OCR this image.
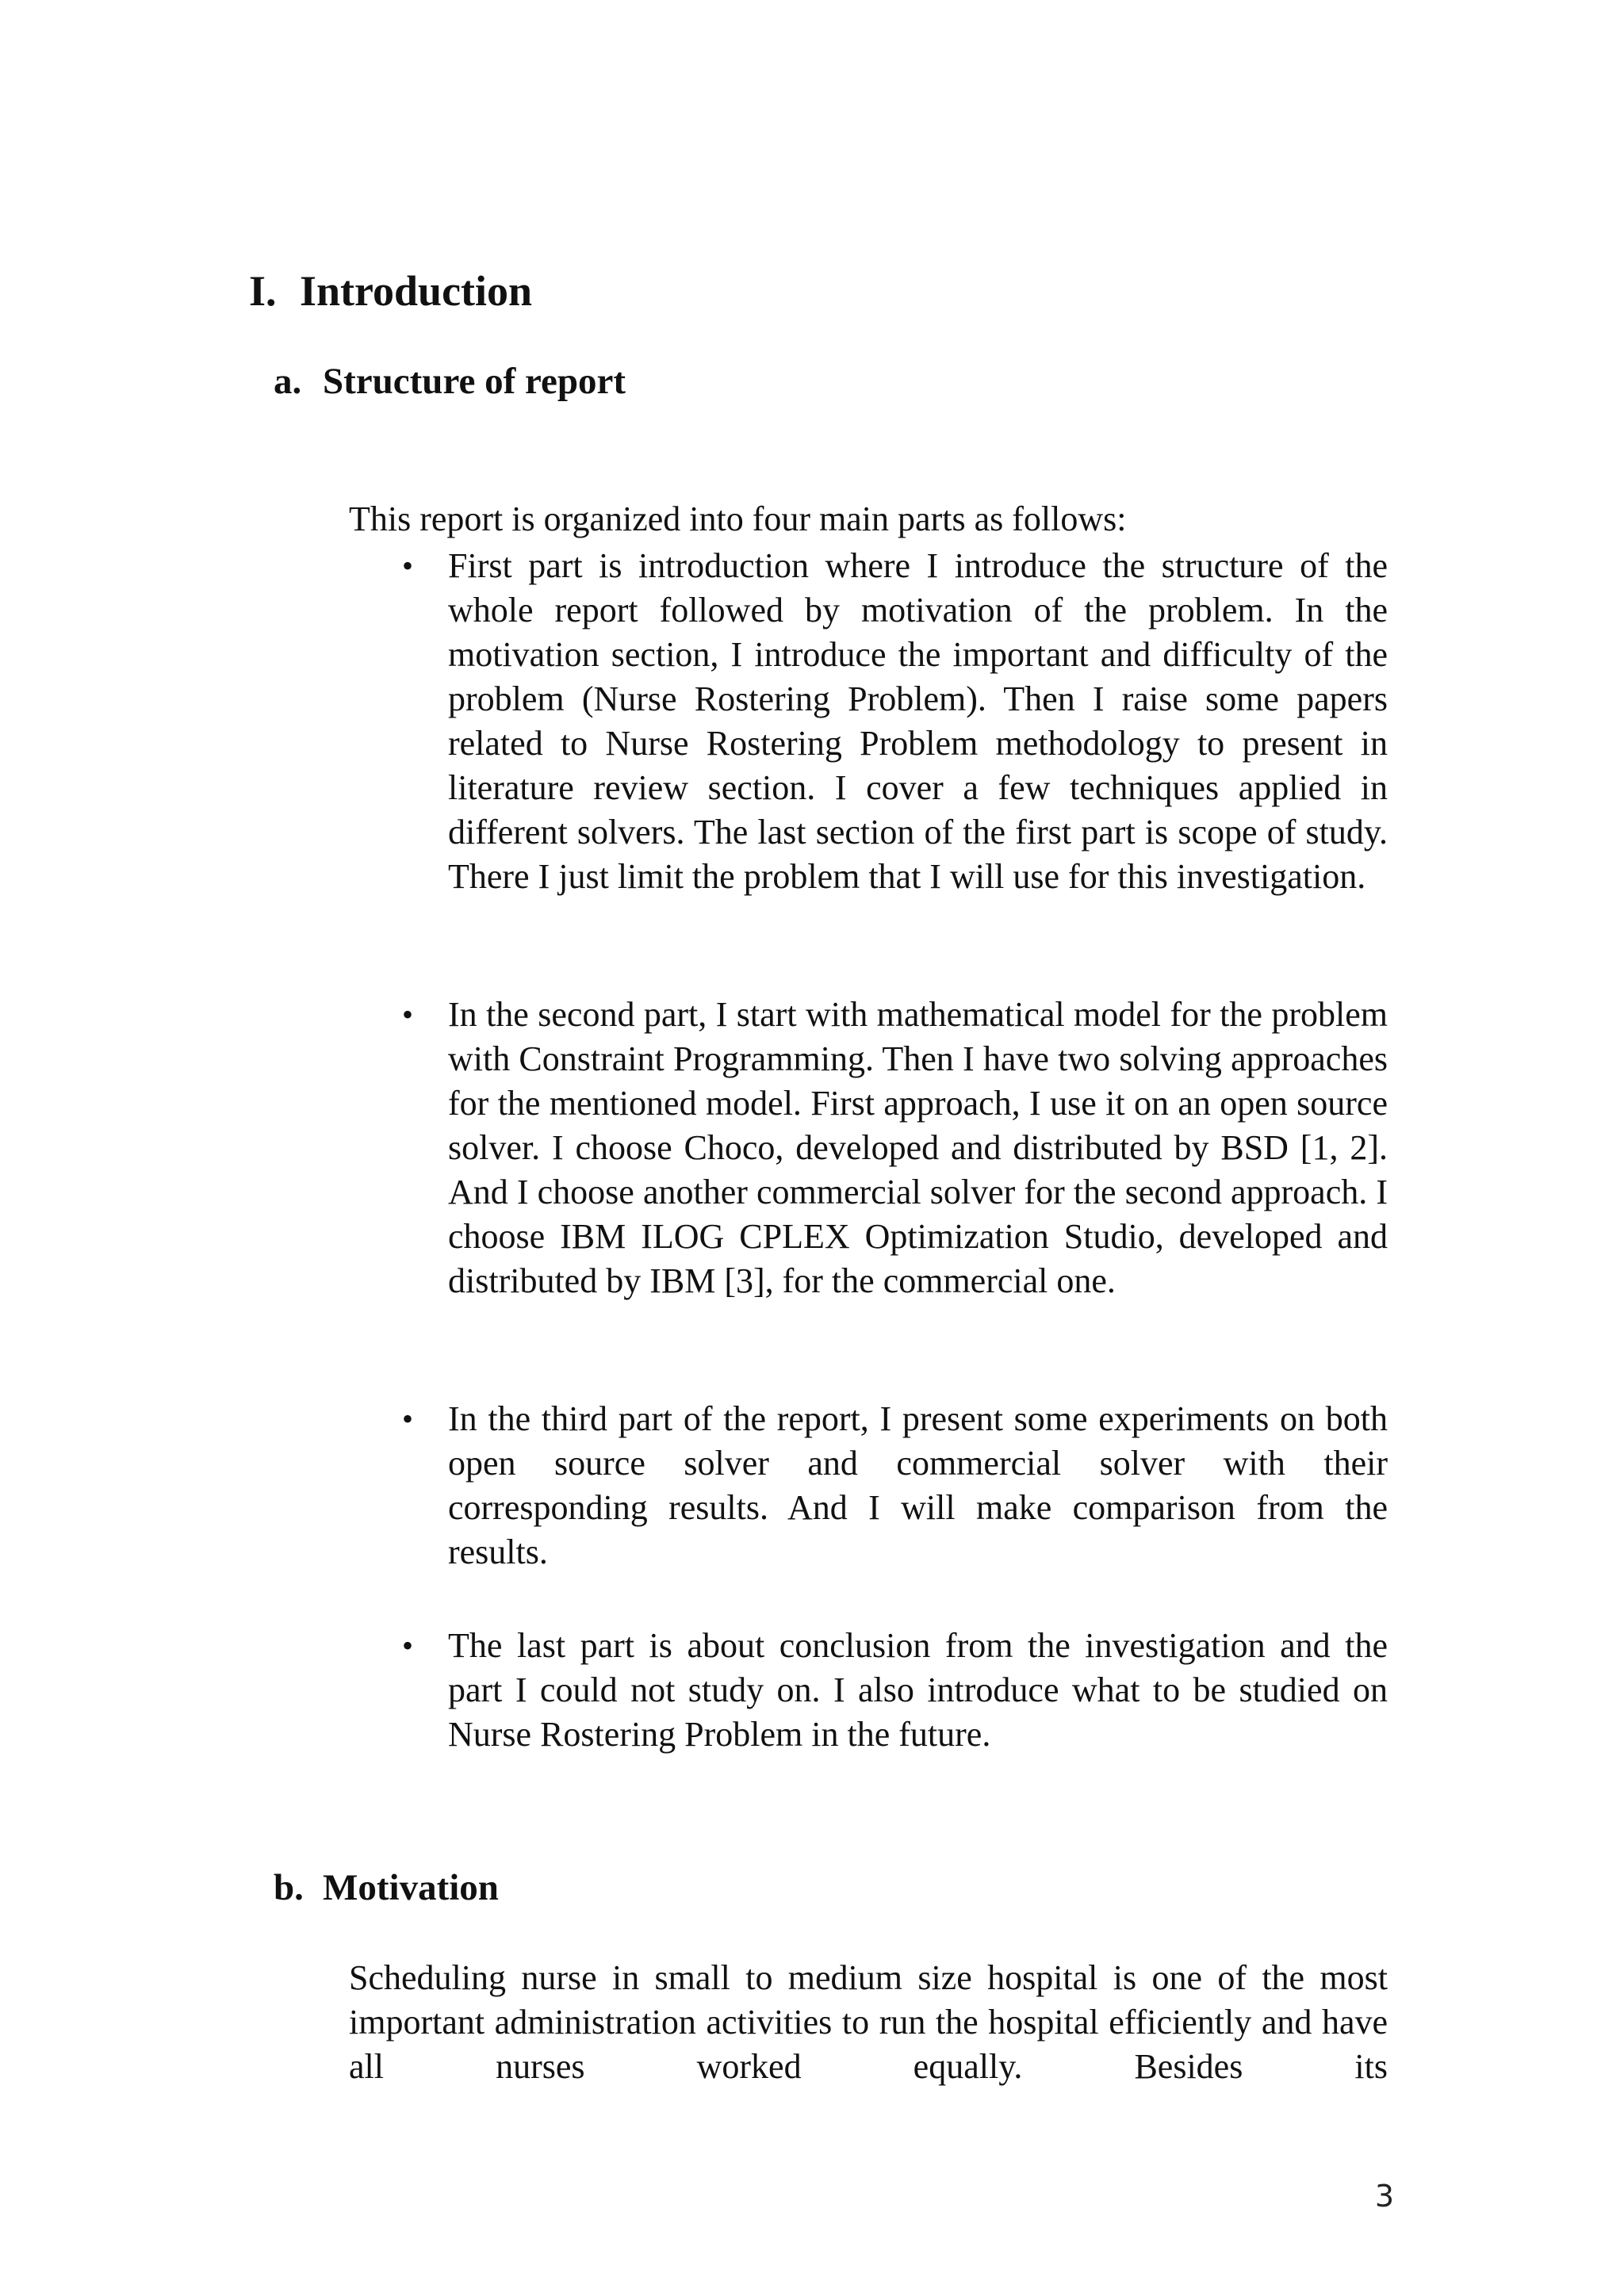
I. Introduction
a. Structure of report

This report is organized into four main parts as follows:

• First part is introduction where I introduce the structure of the whole report followed by motivation of the problem. In the motivation section, I introduce the important and difficulty of the problem (Nurse Rostering Problem). Then I raise some papers related to Nurse Rostering Problem methodology to present in literature review section. I cover a few techniques applied in different solvers. The last section of the first part is scope of study. There I just limit the problem that I will use for this investigation.
• In the second part, I start with mathematical model for the problem with Constraint Programming. Then I have two solving approaches for the mentioned model. First approach, I use it on an open source solver. I choose Choco, developed and distributed by BSD [1, 2]. And I choose another commercial solver for the second approach. I choose IBM ILOG CPLEX Optimization Studio, developed and distributed by IBM [3], for the commercial one.
• In the third part of the report, I present some experiments on both open source solver and commercial solver with their corresponding results. And I will make comparison from the results.
• The last part is about conclusion from the investigation and the part I could not study on. I also introduce what to be studied on Nurse Rostering Problem in the future.
b. Motivation

Scheduling nurse in small to medium size hospital is one of the most important administration activities to run the hospital efficiently and have all nurses worked equally. Besides its

3
